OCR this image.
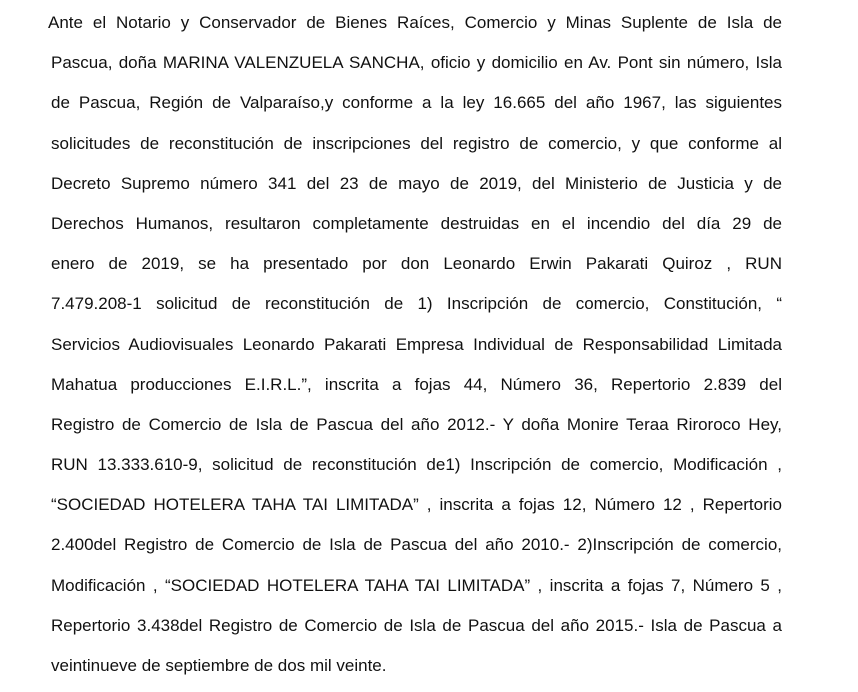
Ante el Notario y Conservador de Bienes Raíces, Comercio y Minas Suplente de Isla de
Pascua, doña MARINA VALENZUELA SANCHA, oficio y domicilio en Av. Pont sin número, Isla
de Pascua, Región de Valparaíso,y conforme a la ley 16.665 del año 1967, las siguientes
solicitudes de reconstitución de inscripciones del registro de comercio, y que conforme al
Decreto Supremo número 341 del 23 de mayo de 2019, del Ministerio de Justicia y de
Derechos Humanos, resultaron completamente destruidas en el incendio del día 29 de
enero de 2019, se ha presentado por don Leonardo Erwin Pakarati Quiroz , RUN
7.479.208-1 solicitud de reconstitución de 1) Inscripción de comercio, Constitución, “
Servicios Audiovisuales Leonardo Pakarati Empresa Individual de Responsabilidad Limitada
Mahatua producciones E.I.R.L.”, inscrita a fojas 44, Número 36, Repertorio 2.839 del
Registro de Comercio de Isla de Pascua del año 2012.- Y doña Monire Teraa Riroroco Hey,
RUN 13.333.610-9, solicitud de reconstitución de1) Inscripción de comercio, Modificación ,
“SOCIEDAD HOTELERA TAHA TAI LIMITADA” , inscrita a fojas 12, Número 12 , Repertorio
2.400del Registro de Comercio de Isla de Pascua del año 2010.- 2)Inscripción de comercio,
Modificación , “SOCIEDAD HOTELERA TAHA TAI LIMITADA” , inscrita a fojas 7, Número 5 ,
Repertorio 3.438del Registro de Comercio de Isla de Pascua del año 2015.- Isla de Pascua a
veintinueve de septiembre de dos mil veinte.
